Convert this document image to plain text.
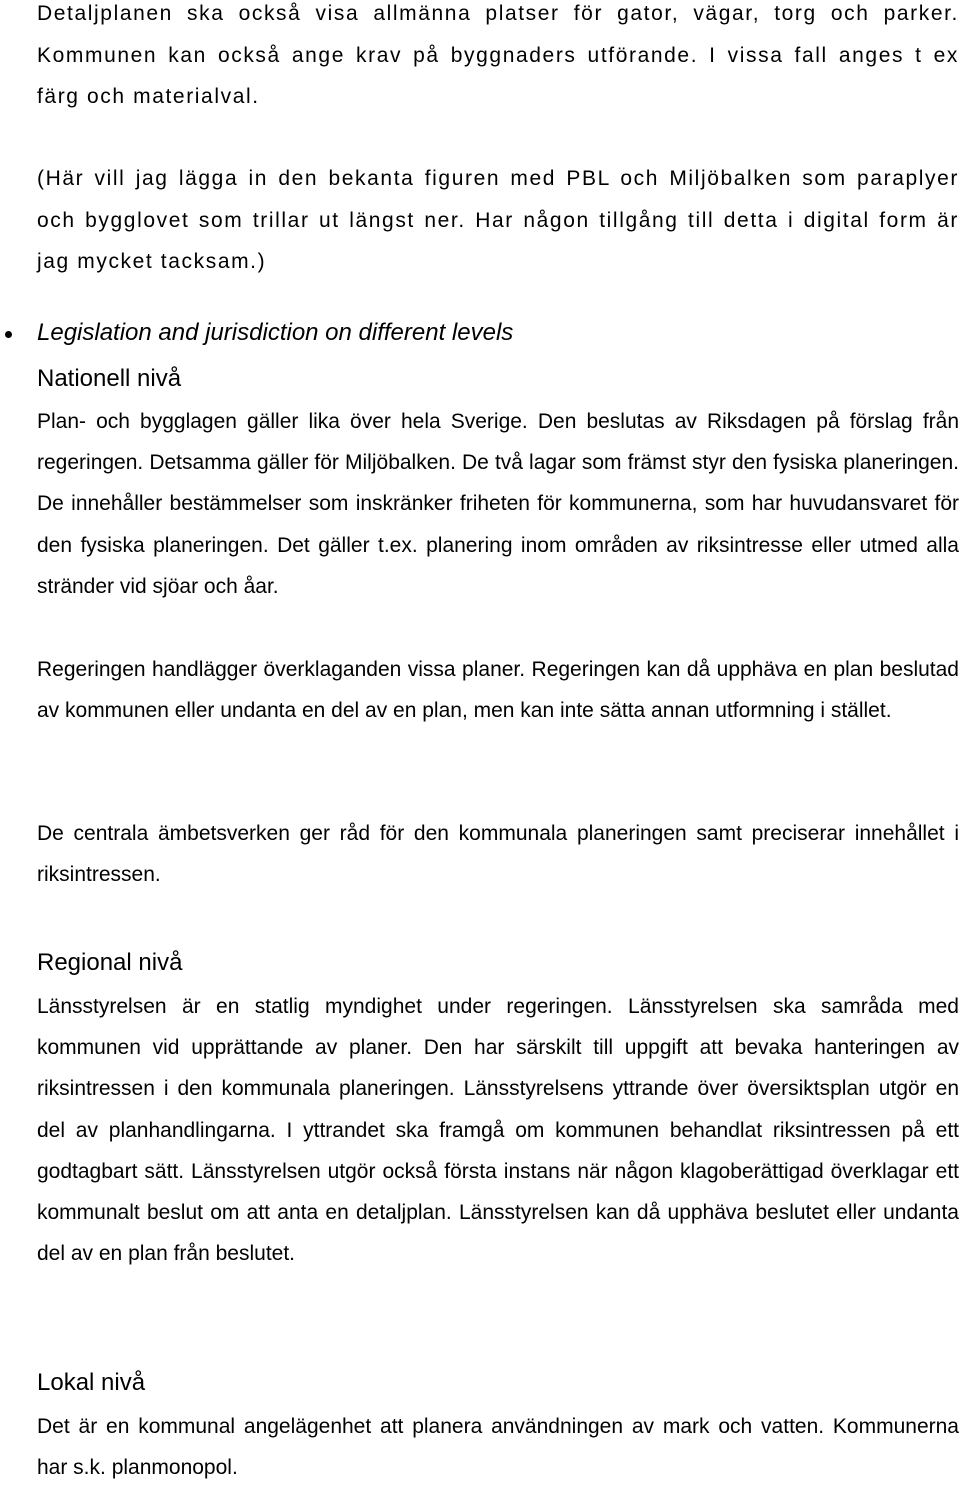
Detaljplanen ska också visa allmänna platser för gator, vägar, torg och parker. Kommunen kan också ange krav på byggnaders utförande. I vissa fall anges t ex färg och materialval.

(Här vill jag lägga in den bekanta figuren med PBL och Miljöbalken som paraplyer och bygglovet som trillar ut längst ner. Har någon tillgång till detta i digital form är jag mycket tacksam.)

Legislation and jurisdiction on different levels

Nationell nivå

Plan- och bygglagen gäller lika över hela Sverige. Den beslutas av Riksdagen på förslag från regeringen. Detsamma gäller för Miljöbalken. De två lagar som främst styr den fysiska planeringen. De innehåller bestämmelser som inskränker friheten för kommunerna, som har huvudansvaret för den fysiska planeringen. Det gäller t.ex. planering inom områden av riksintresse eller utmed alla stränder vid sjöar och åar.

Regeringen handlägger överklaganden vissa planer. Regeringen kan då upphäva en plan beslutad av kommunen eller undanta en del av en plan, men kan inte sätta annan utformning i stället.

De centrala ämbetsverken ger råd för den kommunala planeringen samt preciserar innehållet i riksintressen.

Regional nivå

Länsstyrelsen är en statlig myndighet under regeringen. Länsstyrelsen ska samråda med kommunen vid upprättande av planer. Den har särskilt till uppgift att bevaka hanteringen av riksintressen i den kommunala planeringen. Länsstyrelsens yttrande över översiktsplan utgör en del av planhandlingarna. I yttrandet ska framgå om kommunen behandlat riksintressen på ett godtagbart sätt. Länsstyrelsen utgör också första instans när någon klagoberättigad överklagar ett kommunalt beslut om att anta en detaljplan. Länsstyrelsen kan då upphäva beslutet eller undanta del av en plan från beslutet.

Lokal nivå

Det är en kommunal angelägenhet att planera användningen av mark och vatten. Kommunerna har s.k. planmonopol.
